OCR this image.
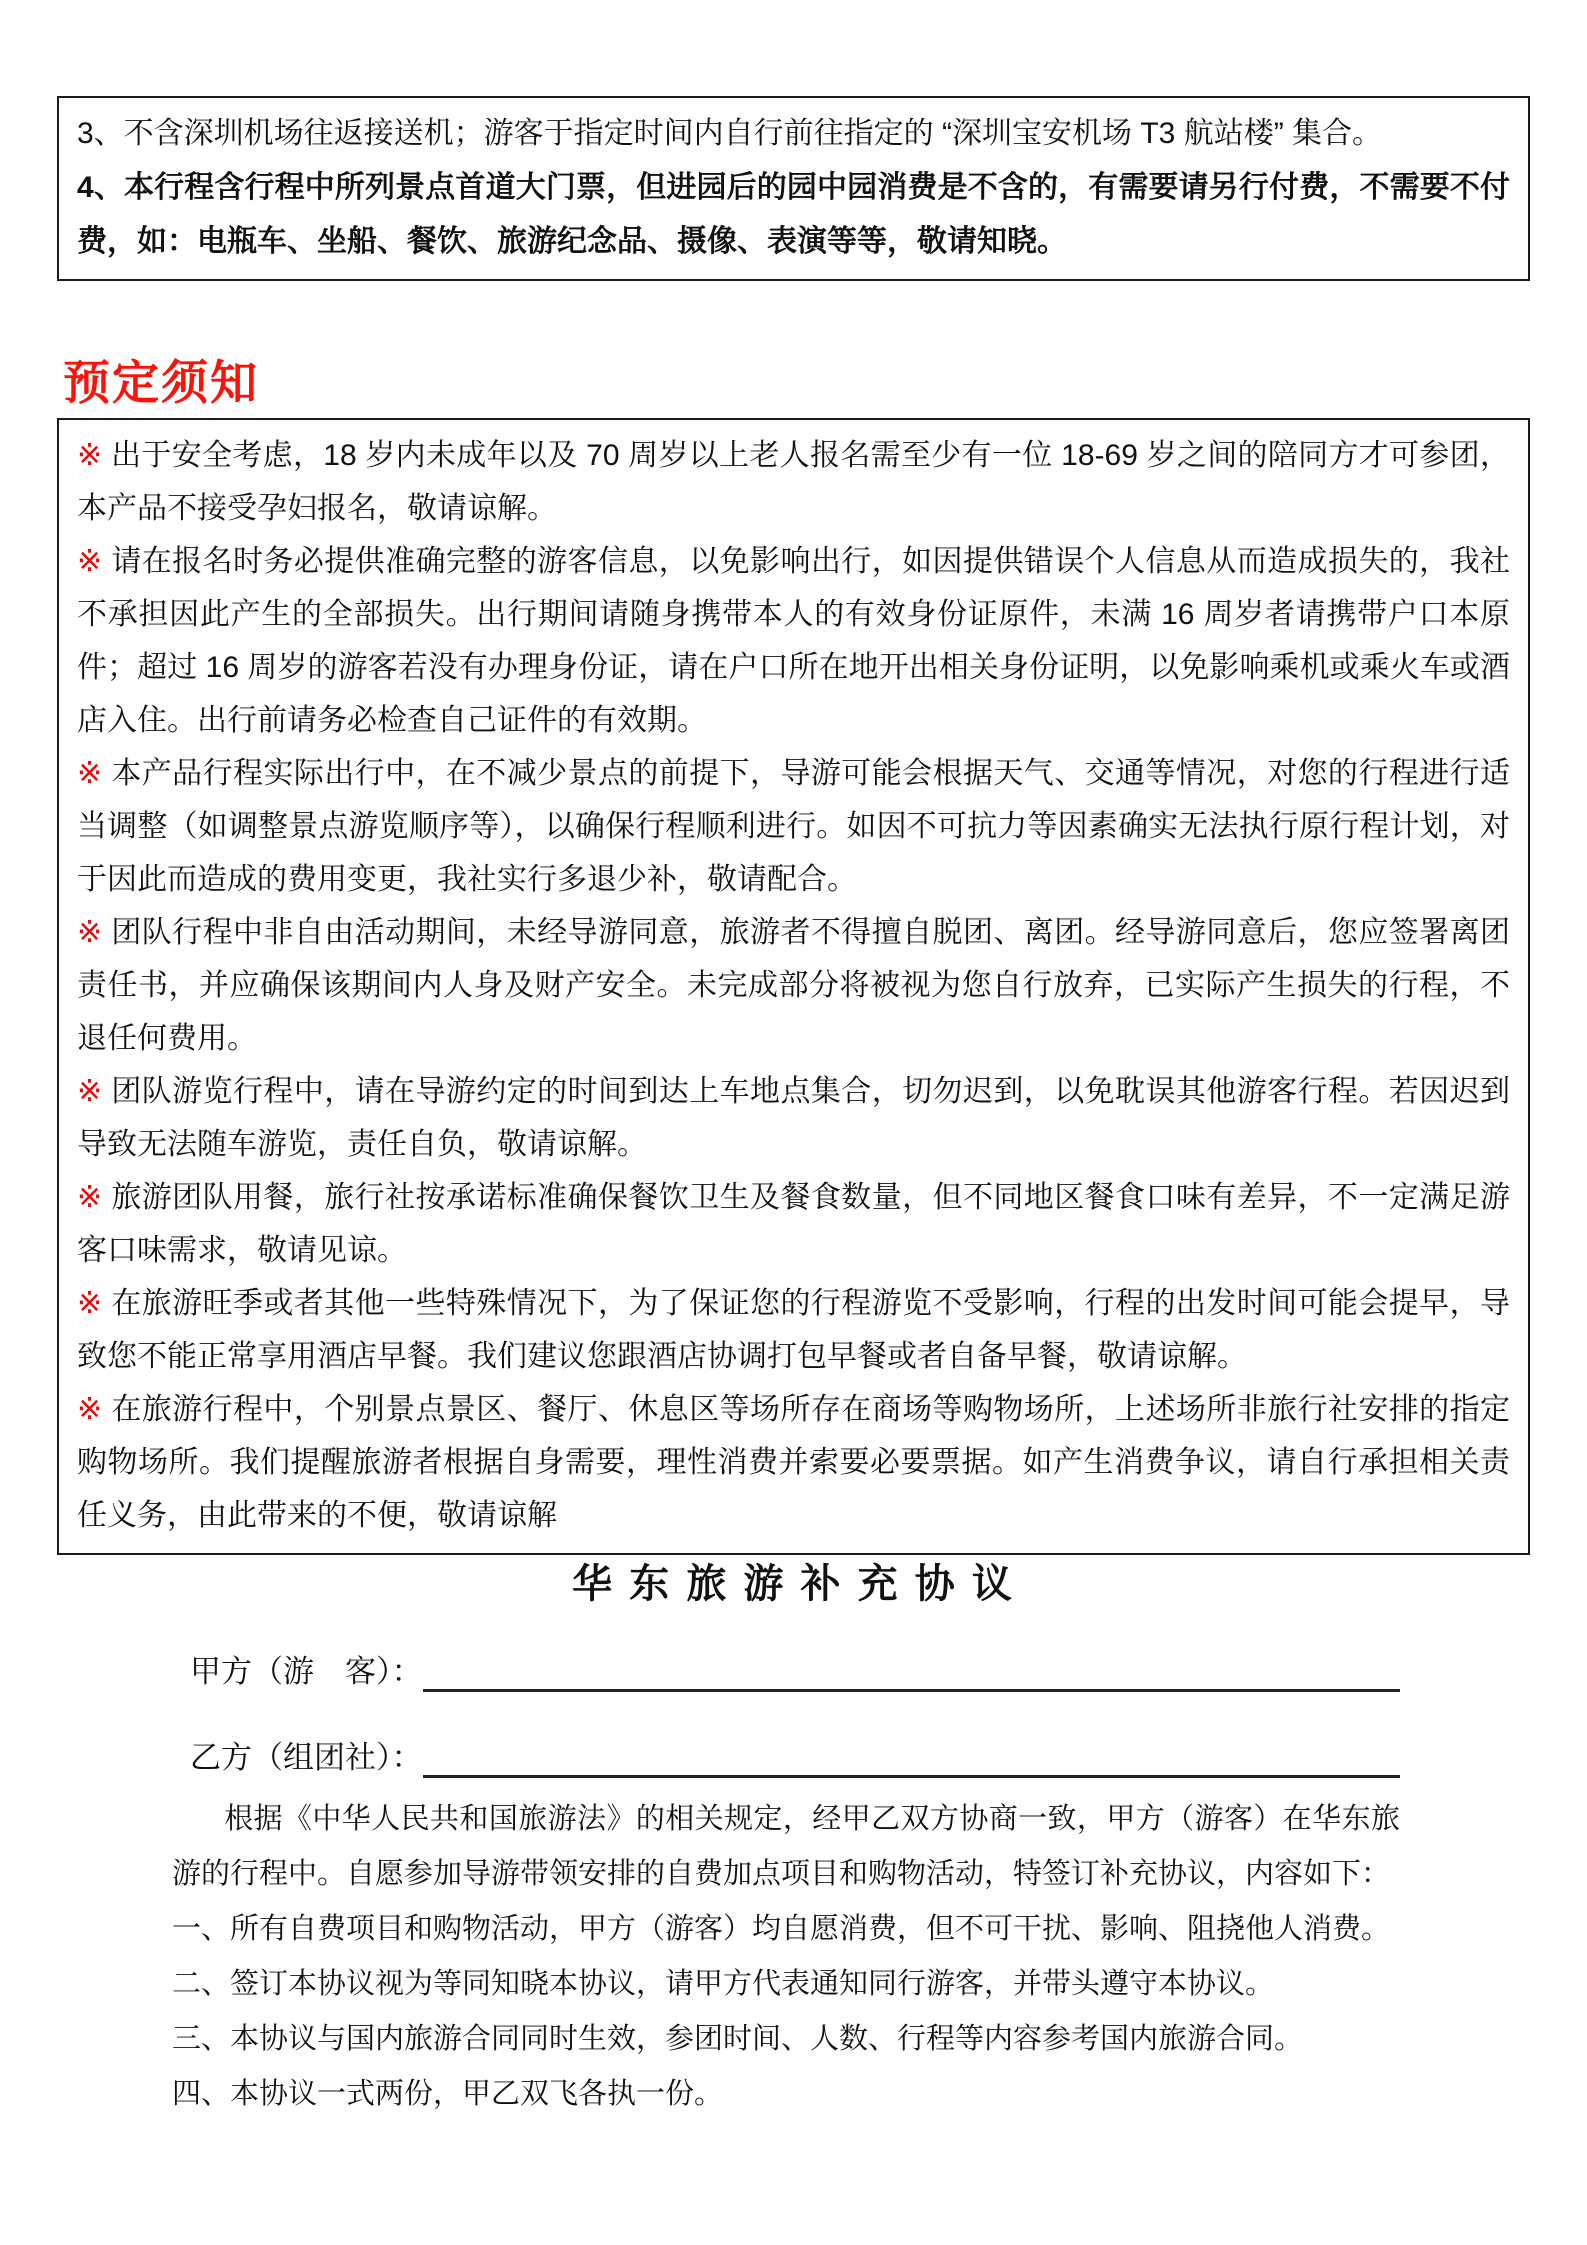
3、不含深圳机场往返接送机；游客于指定时间内自行前往指定的 “深圳宝安机场 T3 航站楼” 集合。

4、本行程含行程中所列景点首道大门票，但进园后的园中园消费是不含的，有需要请另行付费，不需要不付费，如：电瓶车、坐船、餐饮、旅游纪念品、摄像、表演等等，敬请知晓。

预定须知

※ 出于安全考虑，18 岁内未成年以及 70 周岁以上老人报名需至少有一位 18-69 岁之间的陪同方才可参团，本产品不接受孕妇报名，敬请谅解。

※ 请在报名时务必提供准确完整的游客信息，以免影响出行，如因提供错误个人信息从而造成损失的，我社不承担因此产生的全部损失。出行期间请随身携带本人的有效身份证原件，未满 16 周岁者请携带户口本原件；超过 16 周岁的游客若没有办理身份证，请在户口所在地开出相关身份证明，以免影响乘机或乘火车或酒店入住。出行前请务必检查自己证件的有效期。

※ 本产品行程实际出行中，在不减少景点的前提下，导游可能会根据天气、交通等情况，对您的行程进行适当调整（如调整景点游览顺序等），以确保行程顺利进行。如因不可抗力等因素确实无法执行原行程计划，对于因此而造成的费用变更，我社实行多退少补，敬请配合。

※ 团队行程中非自由活动期间，未经导游同意，旅游者不得擅自脱团、离团。经导游同意后，您应签署离团责任书，并应确保该期间内人身及财产安全。未完成部分将被视为您自行放弃，已实际产生损失的行程，不退任何费用。

※ 团队游览行程中，请在导游约定的时间到达上车地点集合，切勿迟到，以免耽误其他游客行程。若因迟到导致无法随车游览，责任自负，敬请谅解。

※ 旅游团队用餐，旅行社按承诺标准确保餐饮卫生及餐食数量，但不同地区餐食口味有差异，不一定满足游客口味需求，敬请见谅。

※ 在旅游旺季或者其他一些特殊情况下，为了保证您的行程游览不受影响，行程的出发时间可能会提早，导致您不能正常享用酒店早餐。我们建议您跟酒店协调打包早餐或者自备早餐，敬请谅解。

※ 在旅游行程中，个别景点景区、餐厅、休息区等场所存在商场等购物场所，上述场所非旅行社安排的指定购物场所。我们提醒旅游者根据自身需要，理性消费并索要必要票据。如产生消费争议，请自行承担相关责任义务，由此带来的不便，敬请谅解

华 东 旅 游 补 充 协 议
甲方（游　客）：
乙方（组团社）：

根据《中华人民共和国旅游法》的相关规定，经甲乙双方协商一致，甲方（游客）在华东旅游的行程中。自愿参加导游带领安排的自费加点项目和购物活动，特签订补充协议，内容如下：

一、所有自费项目和购物活动，甲方（游客）均自愿消费，但不可干扰、影响、阻挠他人消费。

二、签订本协议视为等同知晓本协议，请甲方代表通知同行游客，并带头遵守本协议。

三、本协议与国内旅游合同同时生效，参团时间、人数、行程等内容参考国内旅游合同。

四、本协议一式两份，甲乙双飞各执一份。
